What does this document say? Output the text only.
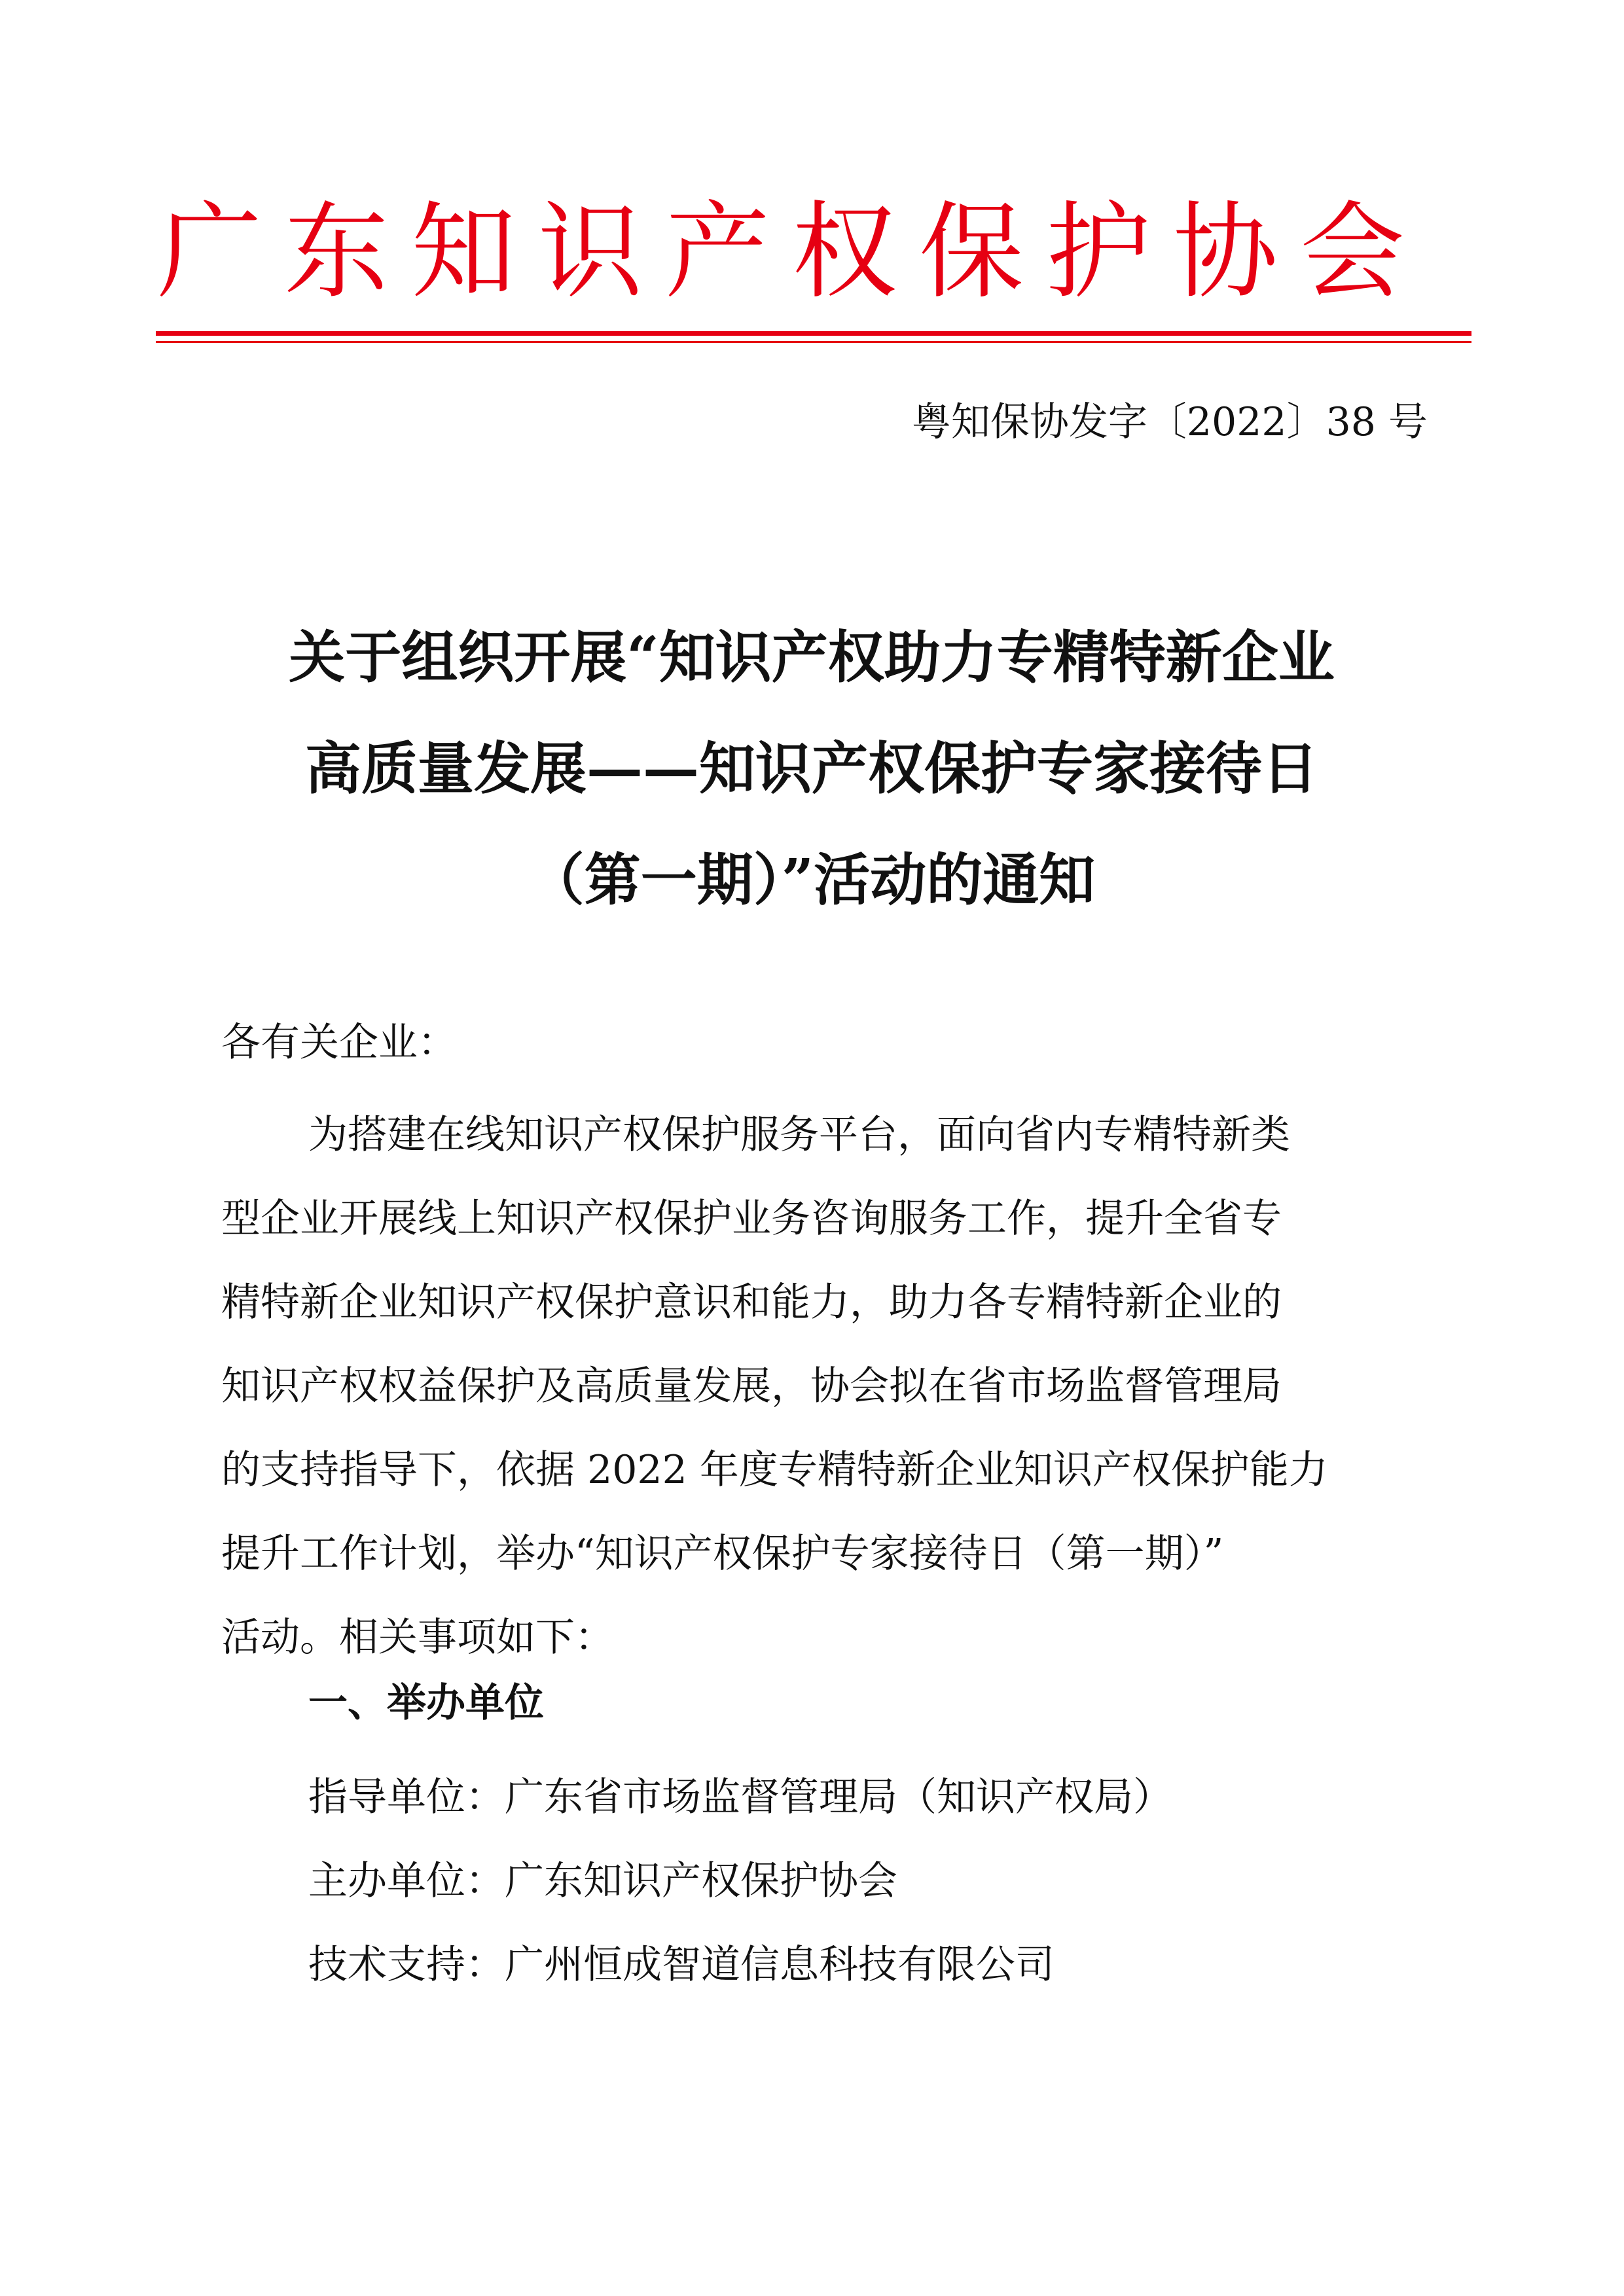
广东知识产权保护协会
粤知保协发字〔2022〕38 号
关于组织开展“知识产权助力专精特新企业
高质量发展——知识产权保护专家接待日
（第一期）”活动的通知
各有关企业：
为搭建在线知识产权保护服务平台，面向省内专精特新类
型企业开展线上知识产权保护业务咨询服务工作，提升全省专
精特新企业知识产权保护意识和能力，助力各专精特新企业的
知识产权权益保护及高质量发展，协会拟在省市场监督管理局
的支持指导下，依据 2022 年度专精特新企业知识产权保护能力
提升工作计划，举办“知识产权保护专家接待日（第一期）”
活动。相关事项如下：
一、举办单位
指导单位：广东省市场监督管理局（知识产权局）
主办单位：广东知识产权保护协会
技术支持：广州恒成智道信息科技有限公司
